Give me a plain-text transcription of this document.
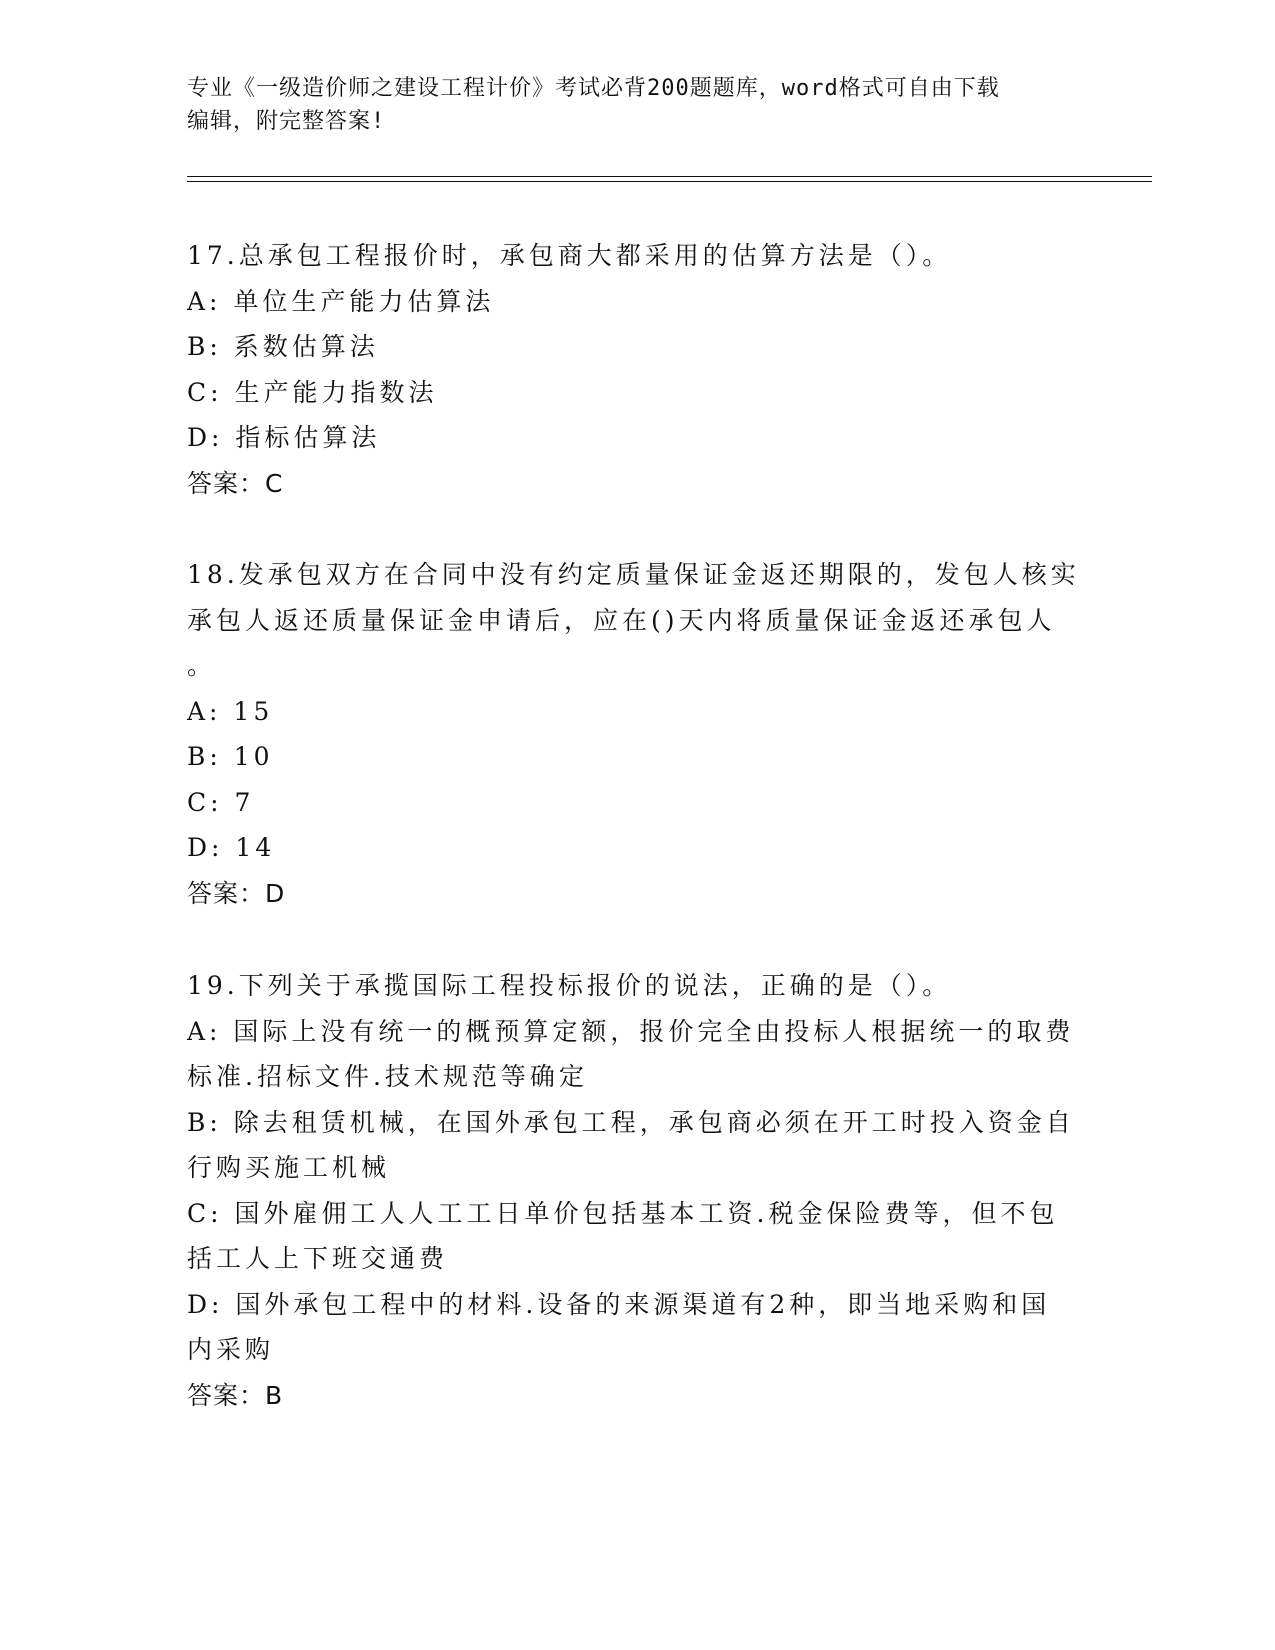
专业《一级造价师之建设工程计价》考试必背200题题库，word格式可自由下载
编辑，附完整答案!

17.总承包工程报价时，承包商大都采用的估算方法是（）。

A: 单位生产能力估算法

B: 系数估算法

C: 生产能力指数法

D: 指标估算法

答案：C

18.发承包双方在合同中没有约定质量保证金返还期限的，发包人核实

承包人返还质量保证金申请后，应在()天内将质量保证金返还承包人

。

A: 15

B: 10

C: 7

D: 14

答案：D

19.下列关于承揽国际工程投标报价的说法，正确的是（）。

A: 国际上没有统一的概预算定额，报价完全由投标人根据统一的取费

标准.招标文件.技术规范等确定

B: 除去租赁机械，在国外承包工程，承包商必须在开工时投入资金自

行购买施工机械

C: 国外雇佣工人人工工日单价包括基本工资.税金保险费等，但不包

括工人上下班交通费

D: 国外承包工程中的材料.设备的来源渠道有2种，即当地采购和国

内采购

答案：B
